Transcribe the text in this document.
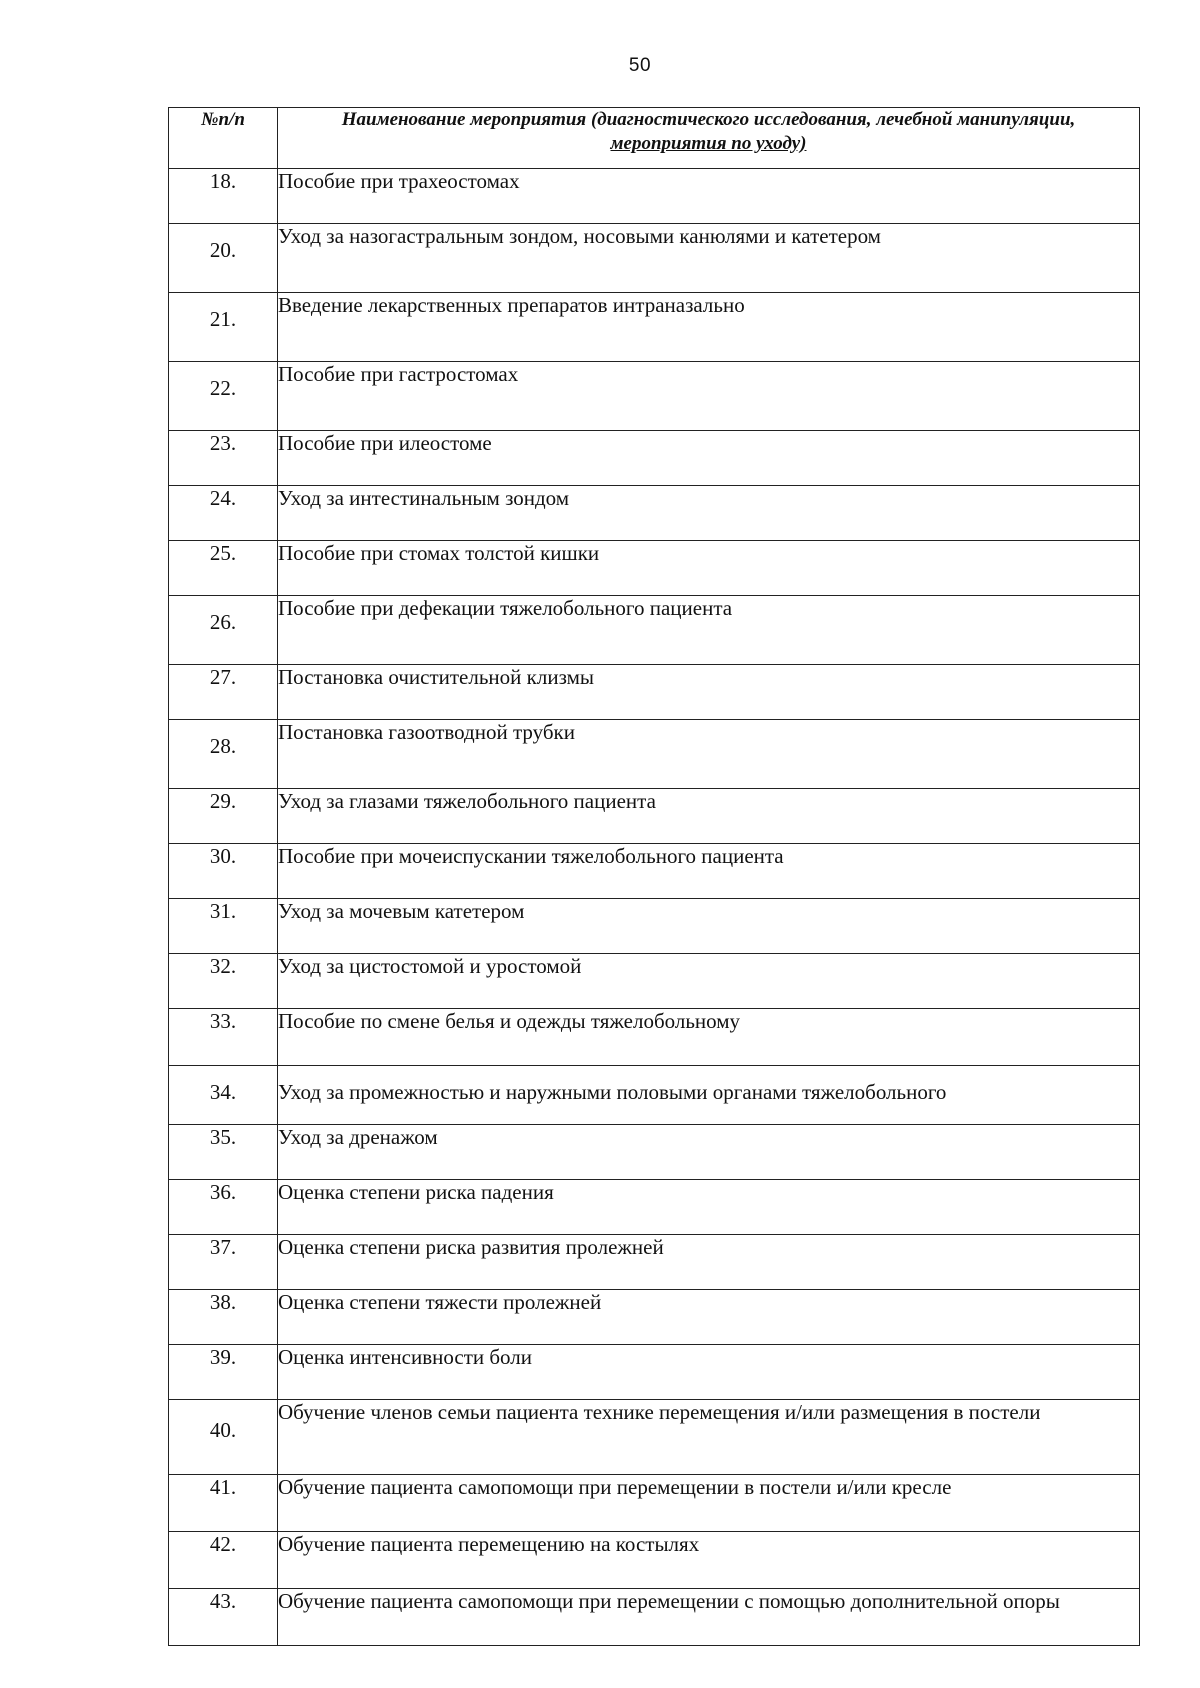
50
№п/п	Наименование мероприятия (диагностического исследования, лечебной манипуляции,
мероприятия по уходу)
18.	Пособие при трахеостомах
20.	Уход за назогастральным зондом, носовыми канюлями и катетером
21.	Введение лекарственных препаратов интраназально
22.	Пособие при гастростомах
23.	Пособие при илеостоме
24.	Уход за интестинальным зондом
25.	Пособие при стомах толстой кишки
26.	Пособие при дефекации тяжелобольного пациента
27.	Постановка очистительной клизмы
28.	Постановка газоотводной трубки
29.	Уход за глазами тяжелобольного пациента
30.	Пособие при мочеиспускании тяжелобольного пациента
31.	Уход за мочевым катетером
32.	Уход за цистостомой и уростомой
33.	Пособие по смене белья и одежды тяжелобольному
34.	Уход за промежностью и наружными половыми органами тяжелобольного
35.	Уход за дренажом
36.	Оценка степени риска падения
37.	Оценка степени риска развития пролежней
38.	Оценка степени тяжести пролежней
39.	Оценка интенсивности боли
40.	Обучение членов семьи пациента технике перемещения и/или размещения в постели
41.	Обучение пациента самопомощи при перемещении в постели и/или кресле
42.	Обучение пациента перемещению на костылях
43.	Обучение пациента самопомощи при перемещении с помощью дополнительной опоры
